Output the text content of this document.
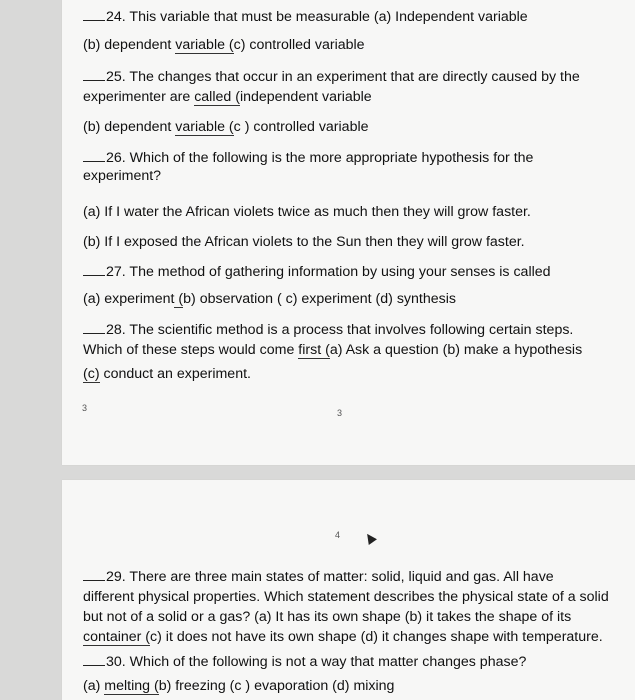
24. This variable that must be measurable (a) Independent variable
(b) dependent variable (c) controlled variable
25. The changes that occur in an experiment that are directly caused by the
experimenter are called (independent variable
(b) dependent variable (c ) controlled variable
26. Which of the following is the more appropriate hypothesis for the
experiment?
(a) If I water the African violets twice as much then they will grow faster.
(b) If I exposed the African violets to the Sun then they will grow faster.
27. The method of gathering information by using your senses is called
(a) experiment (b) observation ( c) experiment (d) synthesis
28. The scientific method is a process that involves following certain steps.
Which of these steps would come first (a) Ask a question (b) make a hypothesis
(c) conduct an experiment.
3	3
4
29. There are three main states of matter: solid, liquid and gas. All have
different physical properties. Which statement describes the physical state of a solid
but not of a solid or a gas? (a) It has its own shape (b) it takes the shape of its
container (c) it does not have its own shape (d) it changes shape with temperature.
30. Which of the following is not a way that matter changes phase?
(a) melting (b) freezing (c ) evaporation (d) mixing
